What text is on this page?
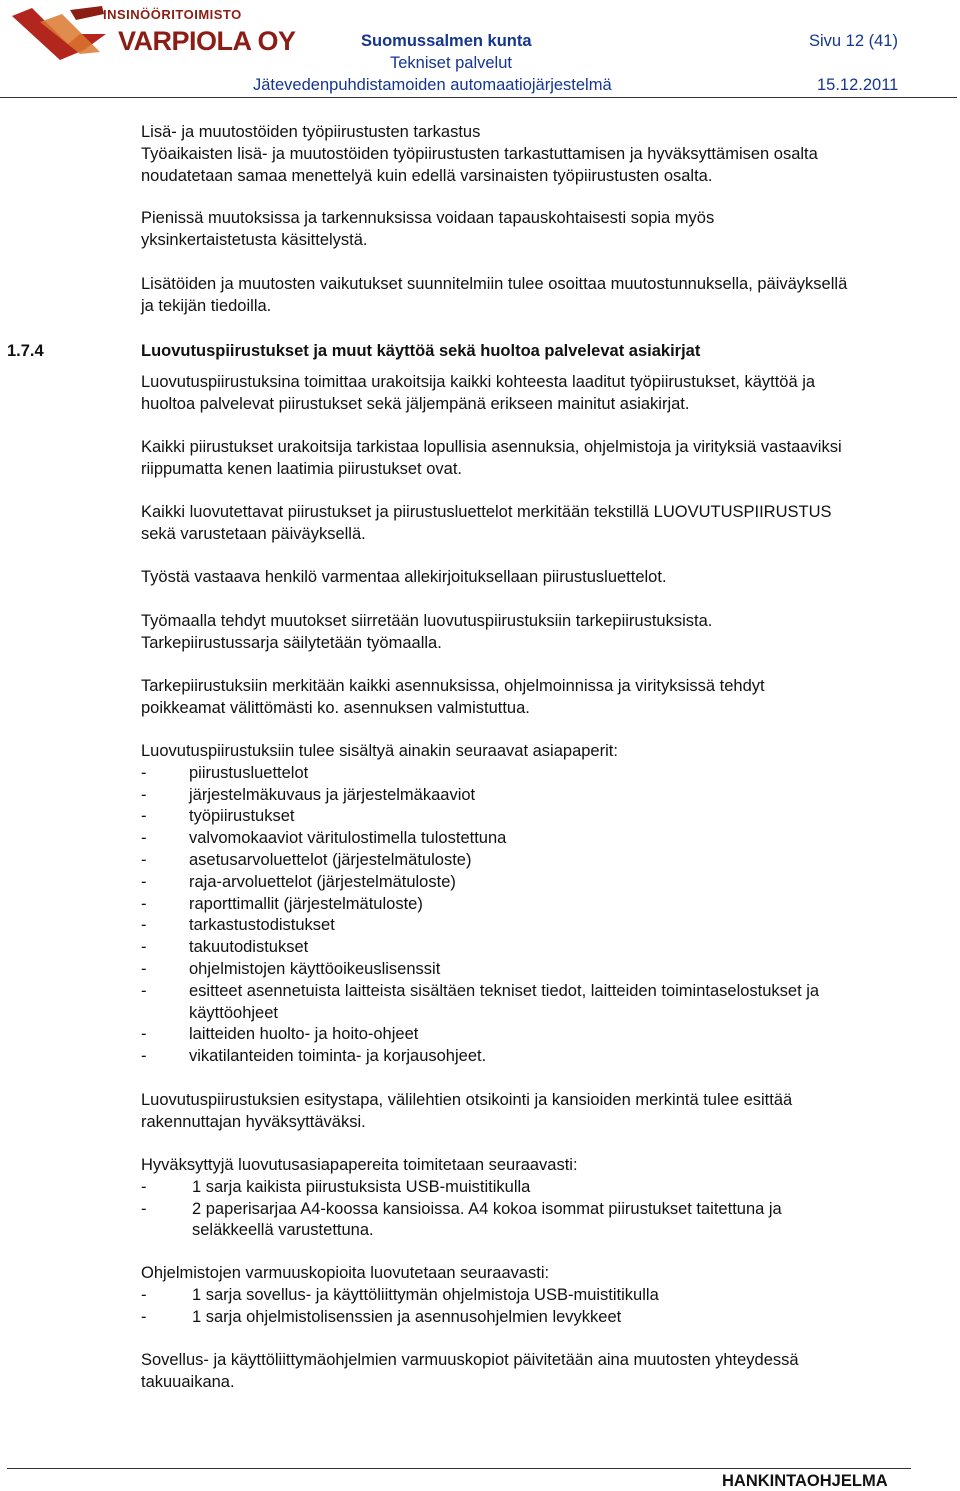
INSINÖÖRITOIMISTO
VARPIOLA OY	Suomussalmen kunta
Tekniset palvelut
Jätevedenpuhdistamoiden automaatiojärjestelmä
Sivu 12 (41)
15.12.2011
Lisä- ja muutostöiden työpiirustusten tarkastus
Työaikaisten lisä- ja muutostöiden työpiirustusten tarkastuttamisen ja hyväksyttämisen osalta
noudatetaan samaa menettelyä kuin edellä varsinaisten työpiirustusten osalta.
Pienissä muutoksissa ja tarkennuksissa voidaan tapauskohtaisesti sopia myös
yksinkertaistetusta käsittelystä.
Lisätöiden ja muutosten vaikutukset suunnitelmiin tulee osoittaa muutostunnuksella, päiväyksellä
ja tekijän tiedoilla.
1.7.4	Luovutuspiirustukset ja muut käyttöä sekä huoltoa palvelevat asiakirjat
Luovutuspiirustuksina toimittaa urakoitsija kaikki kohteesta laaditut työpiirustukset, käyttöä ja
huoltoa palvelevat piirustukset sekä jäljempänä erikseen mainitut asiakirjat.
Kaikki piirustukset urakoitsija tarkistaa lopullisia asennuksia, ohjelmistoja ja virityksiä vastaaviksi
riippumatta kenen laatimia piirustukset ovat.
Kaikki luovutettavat piirustukset ja piirustusluettelot merkitään tekstillä LUOVUTUSPIIRUSTUS
sekä varustetaan päiväyksellä.
Työstä vastaava henkilö varmentaa allekirjoituksellaan piirustusluettelot.
Työmaalla tehdyt muutokset siirretään luovutuspiirustuksiin tarkepiirustuksista.
Tarkepiirustussarja säilytetään työmaalla.
Tarkepiirustuksiin merkitään kaikki asennuksissa, ohjelmoinnissa ja virityksissä tehdyt
poikkeamat välittömästi ko. asennuksen valmistuttua.
Luovutuspiirustuksiin tulee sisältyä ainakin seuraavat asiapaperit:
-	piirustusluettelot
-	järjestelmäkuvaus ja järjestelmäkaaviot
-	työpiirustukset
-	valvomokaaviot väritulostimella tulostettuna
-	asetusarvoluettelot (järjestelmätuloste)
-	raja-arvoluettelot (järjestelmätuloste)
-	raporttimallit (järjestelmätuloste)
-	tarkastustodistukset
-	takuutodistukset
-	ohjelmistojen käyttöoikeuslisenssit
-	esitteet asennetuista laitteista sisältäen tekniset tiedot, laitteiden toimintaselostukset ja
käyttöohjeet
-	laitteiden huolto- ja hoito-ohjeet
-	vikatilanteiden toiminta- ja korjausohjeet.
Luovutuspiirustuksien esitystapa, välilehtien otsikointi ja kansioiden merkintä tulee esittää
rakennuttajan hyväksyttäväksi.
Hyväksyttyjä luovutusasiapapereita toimitetaan seuraavasti:
-	1 sarja kaikista piirustuksista USB-muistitikulla
-	2 paperisarjaa A4-koossa kansioissa. A4 kokoa isommat piirustukset taitettuna ja
seläkkeellä varustettuna.
Ohjelmistojen varmuuskopioita luovutetaan seuraavasti:
-	1 sarja sovellus- ja käyttöliittymän ohjelmistoja USB-muistitikulla
-	1 sarja ohjelmistolisenssien ja asennusohjelmien levykkeet
Sovellus- ja käyttöliittymäohjelmien varmuuskopiot päivitetään aina muutosten yhteydessä
takuuaikana.
HANKINTAOHJELMA
